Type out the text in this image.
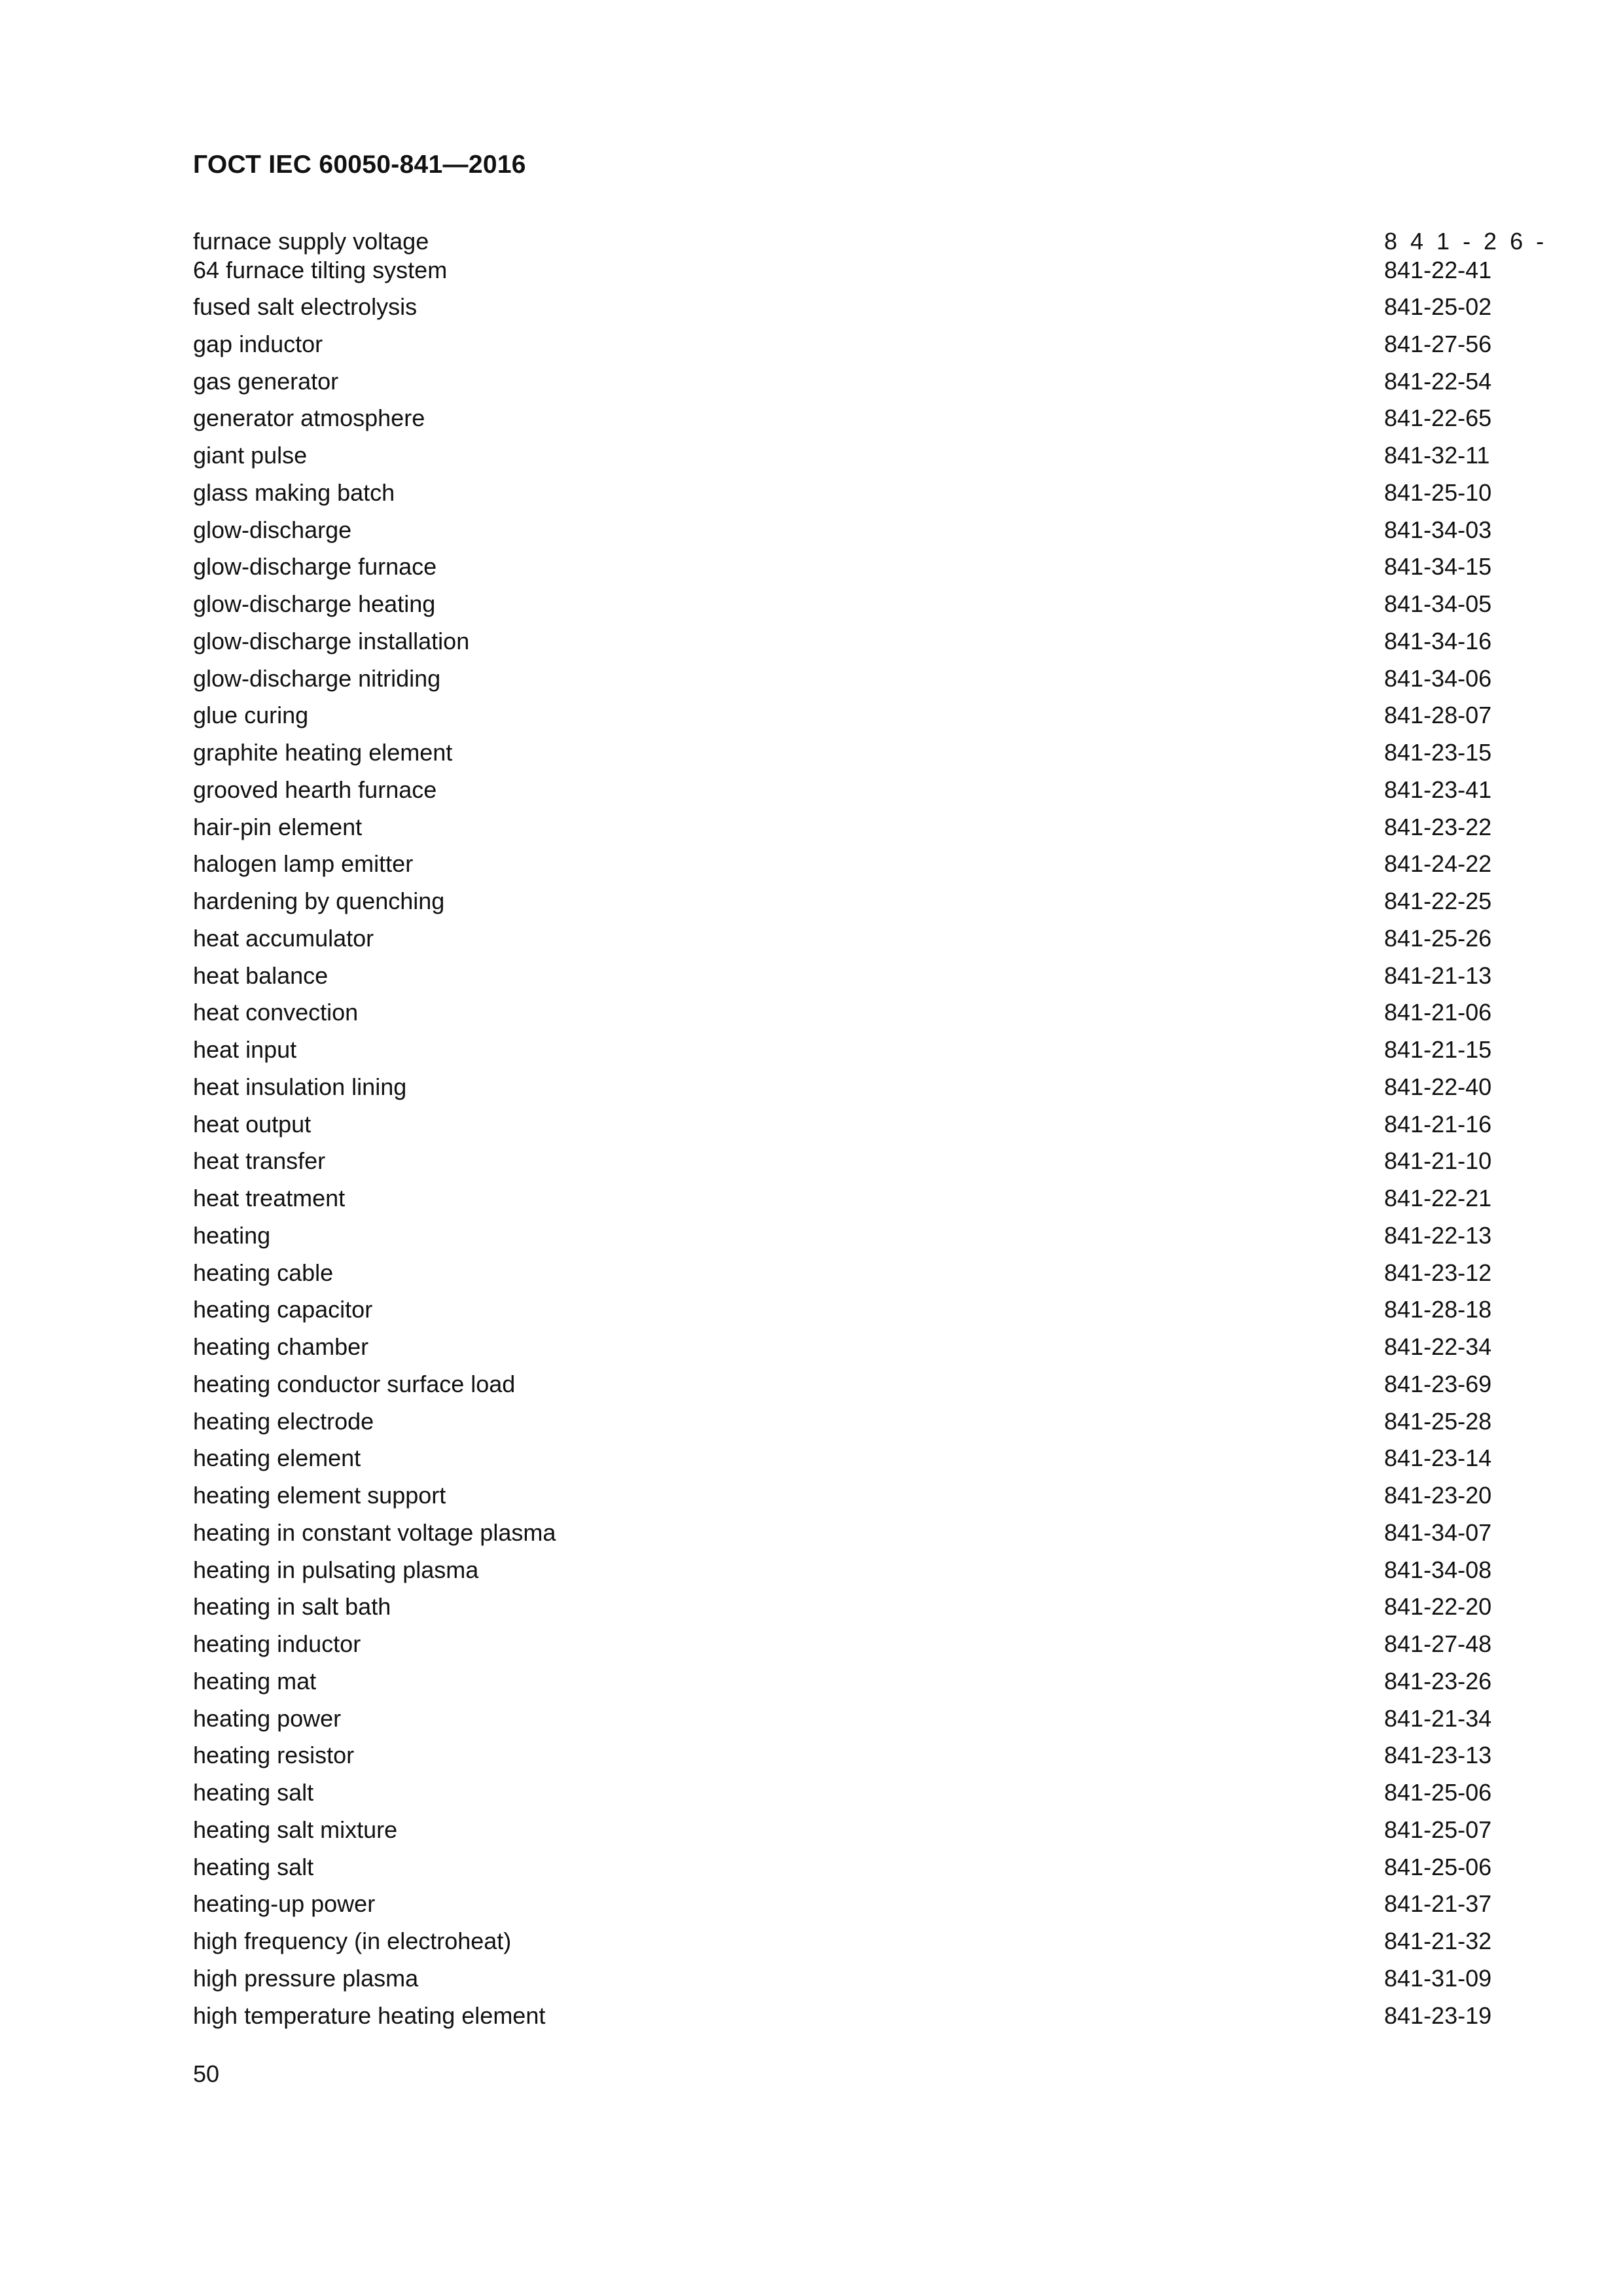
ГОСТ IEC 60050-841—2016
furnace supply voltage	8 4 1 - 2 6 -
64 furnace tilting system	841-22-41
fused salt electrolysis	841-25-02
gap inductor	841-27-56
gas generator	841-22-54
generator atmosphere	841-22-65
giant pulse	841-32-11
glass making batch	841-25-10
glow-discharge	841-34-03
glow-discharge furnace	841-34-15
glow-discharge heating	841-34-05
glow-discharge installation	841-34-16
glow-discharge nitriding	841-34-06
glue curing	841-28-07
graphite heating element	841-23-15
grooved hearth furnace	841-23-41
hair-pin element	841-23-22
halogen lamp emitter	841-24-22
hardening by quenching	841-22-25
heat accumulator	841-25-26
heat balance	841-21-13
heat convection	841-21-06
heat input	841-21-15
heat insulation lining	841-22-40
heat output	841-21-16
heat transfer	841-21-10
heat treatment	841-22-21
heating	841-22-13
heating cable	841-23-12
heating capacitor	841-28-18
heating chamber	841-22-34
heating conductor surface load	841-23-69
heating electrode	841-25-28
heating element	841-23-14
heating element support	841-23-20
heating in constant voltage plasma	841-34-07
heating in pulsating plasma	841-34-08
heating in salt bath	841-22-20
heating inductor	841-27-48
heating mat	841-23-26
heating power	841-21-34
heating resistor	841-23-13
heating salt	841-25-06
heating salt mixture	841-25-07
heating salt	841-25-06
heating-up power	841-21-37
high frequency (in electroheat)	841-21-32
high pressure plasma	841-31-09
high temperature heating element	841-23-19
50
